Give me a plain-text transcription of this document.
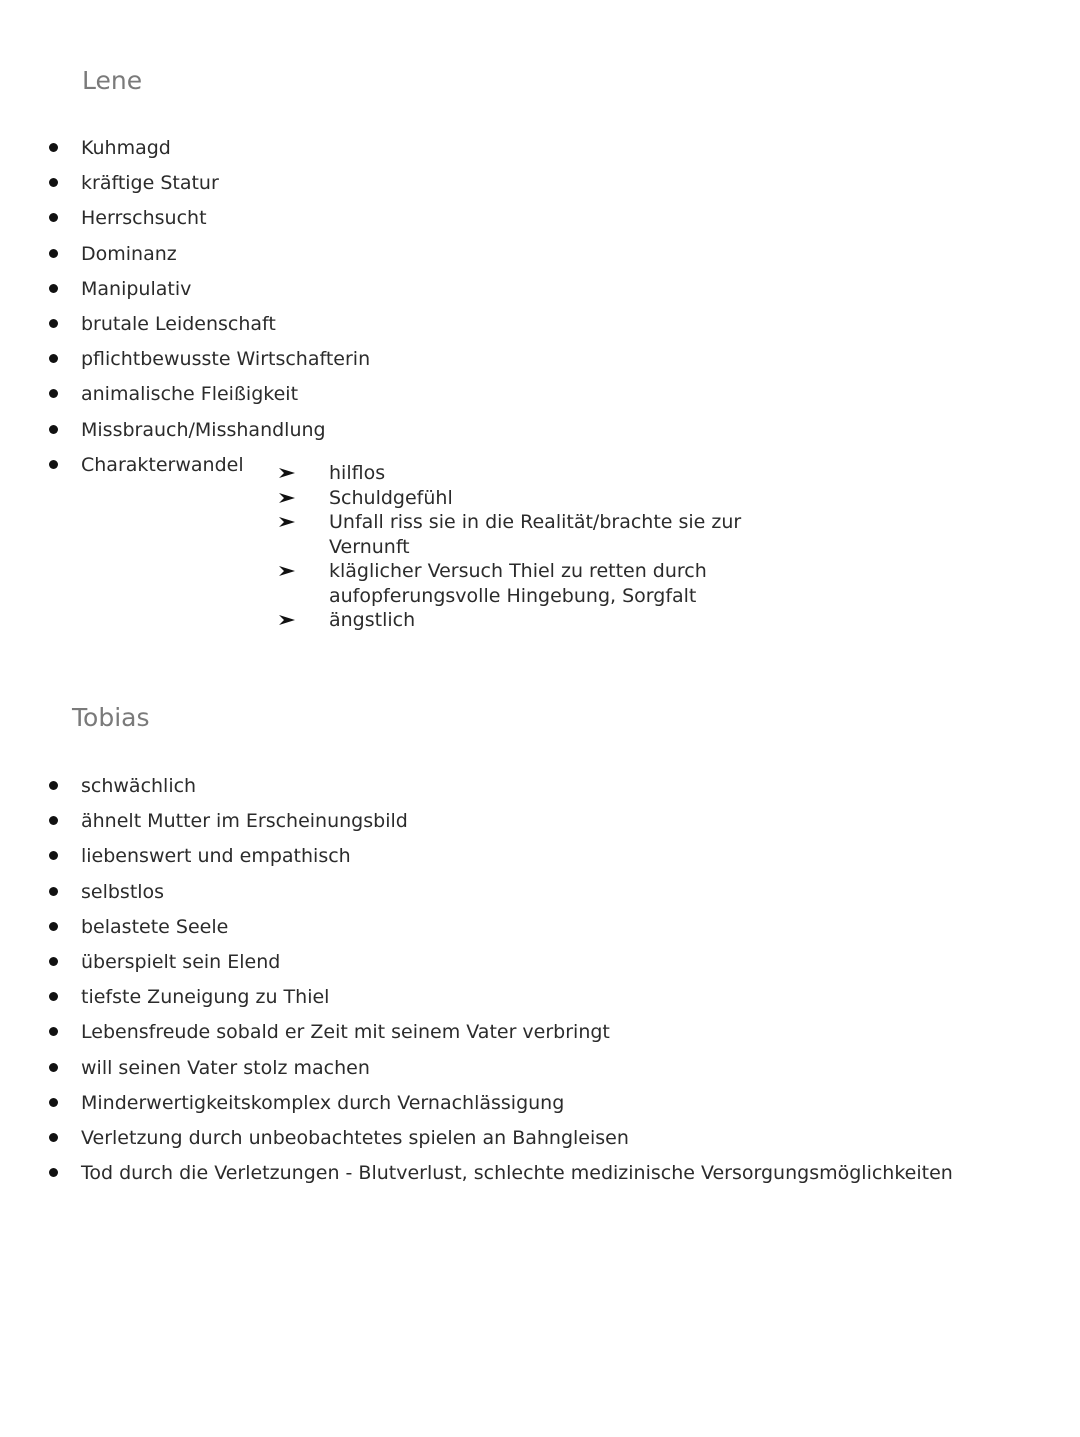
Lene
Kuhmagd
kräftige Statur
Herrschsucht
Dominanz
Manipulativ
brutale Leidenschaft
pflichtbewusste Wirtschafterin
animalische Fleißigkeit
Missbrauch/Misshandlung
Charakterwandel	hilflos
Schuldgefühl
Unfall riss sie in die Realität/brachte sie zur Vernunft
kläglicher Versuch Thiel zu retten durch aufopferungsvolle Hingebung, Sorgfalt
ängstlich
Tobias
schwächlich
ähnelt Mutter im Erscheinungsbild
liebenswert und empathisch
selbstlos
belastete Seele
überspielt sein Elend
tiefste Zuneigung zu Thiel
Lebensfreude sobald er Zeit mit seinem Vater verbringt
will seinen Vater stolz machen
Minderwertigkeitskomplex durch Vernachlässigung
Verletzung durch unbeobachtetes spielen an Bahngleisen
Tod durch die Verletzungen - Blutverlust, schlechte medizinische Versorgungsmöglichkeiten
